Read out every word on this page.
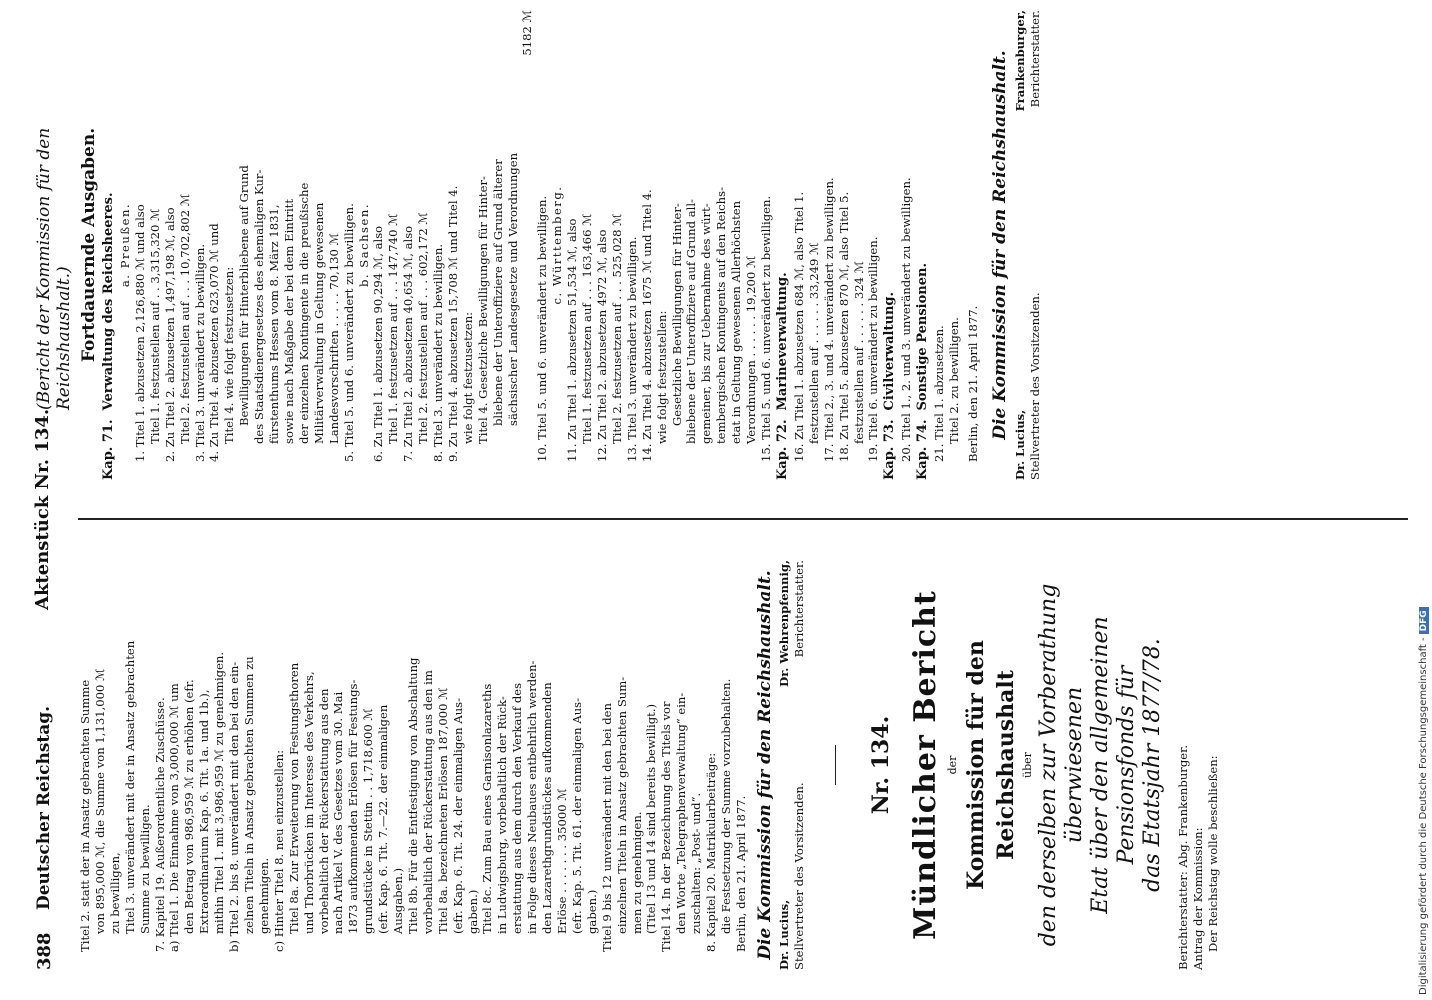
388
Deutscher Reichstag.
Aktenstück Nr. 134.
(Bericht der Kommission für den Reichshaushalt.)

Titel 2. statt der in Ansatz gebrachten Summe von 895,000 ℳ, die Summe von 1,131,000 ℳ zu bewilligen, Titel 3. unverändert mit der in Ansatz gebrachten Summe zu bewilligen. 7. Kapitel 19. Außerordentliche Zuschüsse. a) Titel 1. Die Einnahme von 3,000,000 ℳ um den Betrag von 986,959 ℳ zu erhöhen (efr. Extraordinarium Kap. 6. Tit. 1a. und 1b.), mithin Titel 1. mit 3,986,959 ℳ zu genehmigen. b) Titel 2. bis 8. unverändert mit den bei den ein- zelnen Titeln in Ansatz gebrachten Summen zu genehmigen. c) Hinter Titel 8. neu einzustellen: Titel 8a. Zur Erweiterung von Festungsthoren und Thorbrücken im Interesse des Verkehrs, vorbehaltlich der Rückerstattung aus den nach Artikel V. des Gesetzes vom 30. Mai 1873 aufkommenden Erlösen für Festungs- grundstücke in Stettin . . 1,718,600 ℳ (efr. Kap. 6. Tit. 7.—22. der einmaligen Ausgaben.) Titel 8b. Für die Entfestigung von Abschaltung vorbehaltlich der Rückerstattung aus den im Titel 8a. bezeichneten Erlösen 187,000 ℳ (efr. Kap. 6. Tit. 24. der einmaligen Aus- gaben.) Titel 8c. Zum Bau eines Garnisonlazareths in Ludwigsburg, vorbehaltlich der Rück- erstattung aus dem durch den Verkauf des in Folge dieses Neubaues entbehrlich werden- den Lazarethgrundstückes aufkommenden Erlöse . . . . . . . 35000 ℳ (efr. Kap. 5. Tit. 61. der einmaligen Aus- gaben.) Titel 9 bis 12 unverändert mit den bei den einzelnen Titeln in Ansatz gebrachten Sum- men zu genehmigen. (Titel 13 und 14 sind bereits bewilligt.) Titel 14. In der Bezeichnung des Titels vor den Worte „Telegraphenverwaltung“ ein- zuschalten: „Post- und“. 8. Kapitel 20. Matrikularbeiträge: die Festsetzung der Summe vorzubehalten. Berlin, den 21. April 1877. Die Kommission für den Reichshaushalt. Dr. Lucius, Stellvertreter des Vorsitzenden.
Dr. Wehrenpfennig, Berichterstatter.

Nr. 134. Mündlicher Bericht der Kommission für den Reichshaushalt über den derselben zur Vorberathung überwiesenen Etat über den allgemeinen Pensionsfonds für das Etatsjahr 1877/78. Berichterstatter: Abg. Frankenburger. Antrag der Kommission: Der Reichstag wolle beschließen:

Fortdauernde Ausgaben.

Kap. 71.  Verwaltung des Reichsheeres. a. Preußen. 1. Titel 1. abzusetzen 2,126,880 ℳ und also Titel 1. festzustellen auf . . 3,315,320 ℳ 2. Zu Titel 2. abzusetzen 1,497,198 ℳ, also Titel 2. festzustellen auf . . . 10,702,802 ℳ 3. Titel 3. unverändert zu bewilligen. 4. Zu Titel 4. abzusetzen 623,070 ℳ und Titel 4. wie folgt festzusetzen: Bewilligungen für Hinterbliebene auf Grund des Staatsdienergesetzes des ehemaligen Kur- fürstenthums Hessen vom 8. März 1831, sowie nach Maßgabe der bei dem Eintritt der einzelnen Kontingente in die preußische Militärverwaltung in Geltung gewesenen Landesvorschriften . . . . . 70,130 ℳ 5. Titel 5. und 6. unverändert zu bewilligen. b. Sachsen. 6. Zu Titel 1. abzusetzen 90,294 ℳ, also Titel 1. festzusetzen auf . . . 147,740 ℳ 7. Zu Titel 2. abzusetzen 40,654 ℳ, also Titel 2. festzustellen auf . . . 602,172 ℳ 8. Titel 3. unverändert zu bewilligen. 9. Zu Titel 4. abzusetzen 15,708 ℳ und Titel 4. wie folgt festzusetzen: Titel 4. Gesetzliche Bewilligungen für Hinter- bliebene der Unteroffiziere auf Grund älterer sächsischer Landesgesetze und Verordnungen

5182 ℳ

10. Titel 5. und 6. unverändert zu bewilligen. c. Württemberg. 11. Zu Titel 1. abzusetzen 51,534 ℳ, also Titel 1. festzusetzen auf . . . 163,466 ℳ 12. Zu Titel 2. abzusetzen 4972 ℳ, also Titel 2. festzusetzen auf . . . 525,028 ℳ 13. Titel 3. unverändert zu bewilligen. 14. Zu Titel 4. abzusetzen 1675 ℳ und Titel 4. wie folgt festzustellen: Gesetzliche Bewilligungen für Hinter- bliebene der Unteroffiziere auf Grund all- gemeiner, bis zur Uebernahme des würt- tembergischen Kontingents auf den Reichs- etat in Geltung gewesenen Allerhöchsten Verordnungen . . . . . . 19,200 ℳ 15. Titel 5. und 6. unverändert zu bewilligen. Kap. 72.  Marineverwaltung. 16. Zu Titel 1. abzusetzen 684 ℳ, also Titel 1. festzustellen auf . . . . . . 33,249 ℳ 17. Titel 2., 3. und 4. unverändert zu bewilligen. 18. Zu Titel 5. abzusetzen 870 ℳ, also Titel 5. festzustellen auf . . . . . . 324 ℳ 19. Titel 6. unverändert zu bewilligen. Kap. 73.  Civilverwaltung. 20. Titel 1., 2. und 3. unverändert zu bewilligen. Kap. 74.  Sonstige Pensionen. 21. Titel 1. abzusetzen. Titel 2. zu bewilligen. Berlin, den 21. April 1877. Die Kommission für den Reichshaushalt.

Dr. Lucius, Stellvertreter des Vorsitzenden.
Frankenburger, Berichterstatter.
Digitalisierung gefördert durch die Deutsche Forschungsgemeinschaft -DFG
